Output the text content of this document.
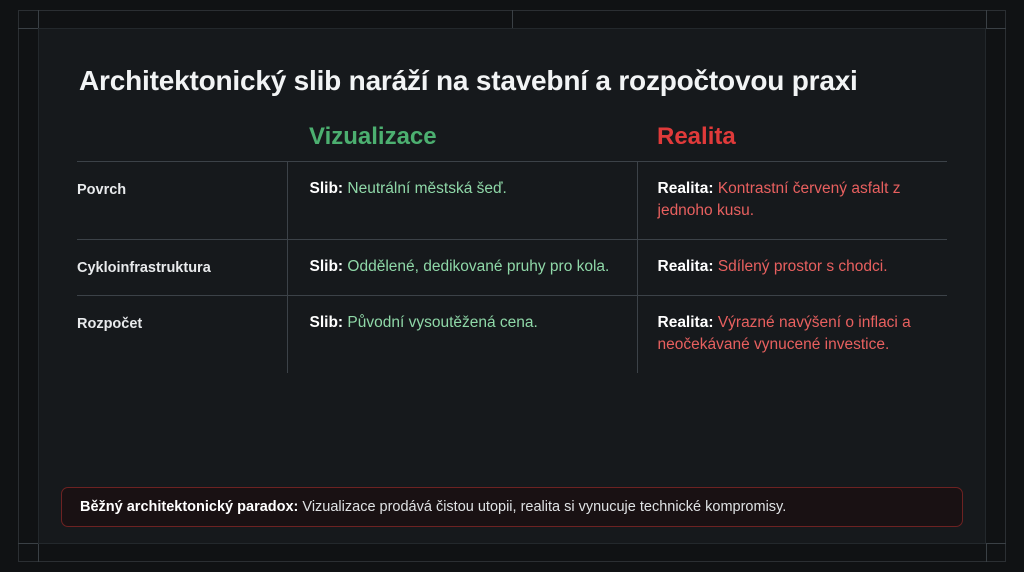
Architektonický slib naráží na stavební a rozpočtovou praxi
	Vizualizace	Realita
Povrch	Slib: Neutrální městská šeď.	Realita: Kontrastní červený asfalt z jednoho kusu.
Cykloinfrastruktura	Slib: Oddělené, dedikované pruhy pro kola.	Realita: Sdílený prostor s chodci.
Rozpočet	Slib: Původní vysoutěžená cena.	Realita: Výrazné navýšení o inflaci a neočekávané vynucené investice.
Běžný architektonický paradox: Vizualizace prodává čistou utopii, realita si vynucuje technické kompromisy.
